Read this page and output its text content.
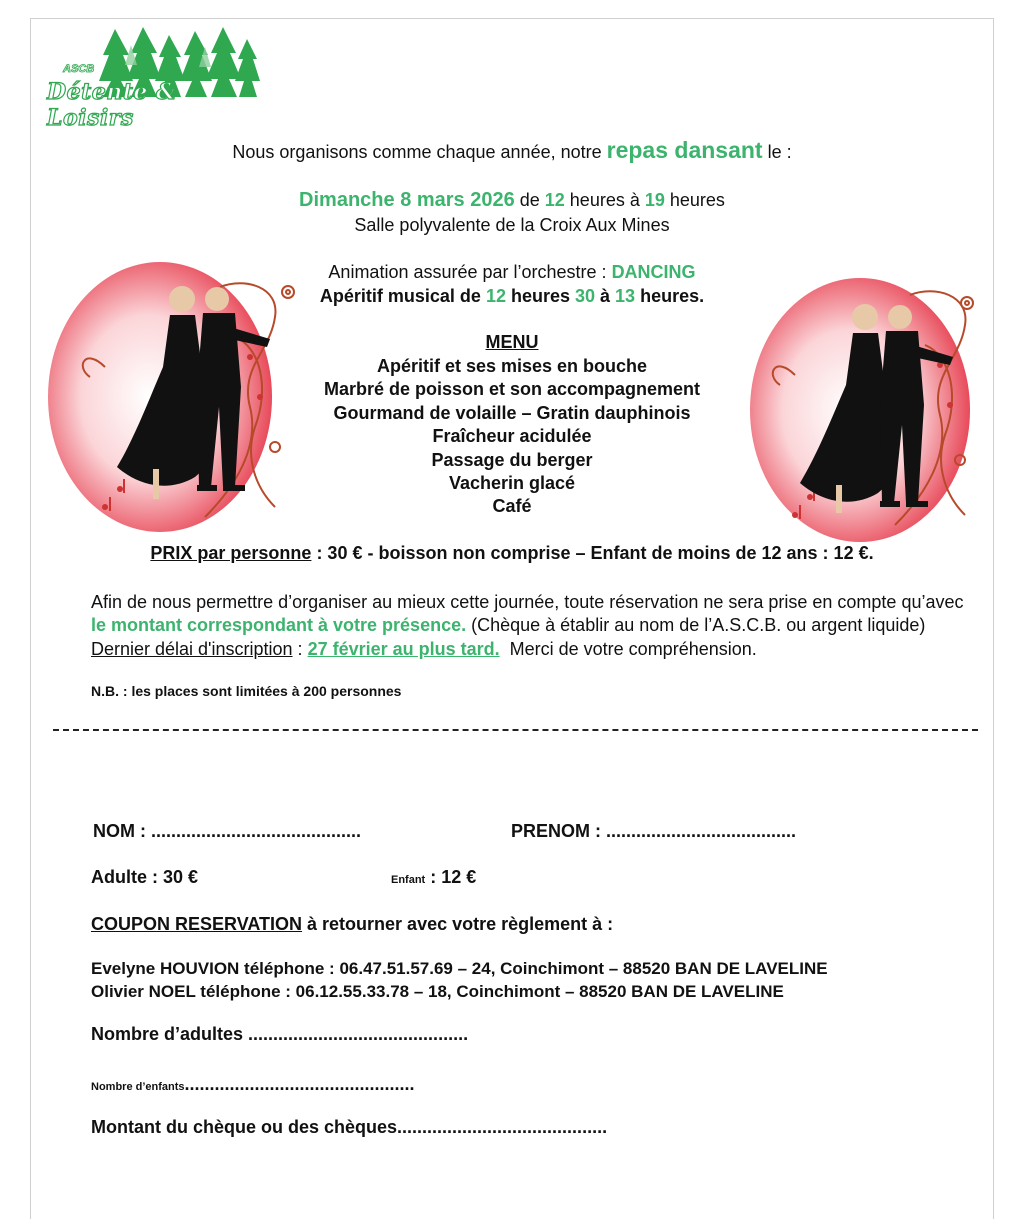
ASCB
Détente & Loisirs
Nous organisons comme chaque année, notre repas dansant le :
Dimanche 8 mars 2026 de 12 heures à 19 heures
Salle polyvalente de la Croix Aux Mines
Animation assurée par l’orchestre : DANCING
Apéritif musical de 12 heures 30 à 13 heures.
MENU
Apéritif et ses mises en bouche
Marbré de poisson et son accompagnement
Gourmand de volaille – Gratin dauphinois
Fraîcheur acidulée
Passage du berger
Vacherin glacé
Café
PRIX par personne : 30 € - boisson non comprise – Enfant de moins de 12 ans : 12 €.
Afin de nous permettre d’organiser au mieux cette journée, toute réservation ne sera prise en compte qu’avec le montant correspondant à votre présence. (Chèque à établir au nom de l’A.S.C.B. ou argent liquide)
Dernier délai d'inscription : 27 février au plus tard.  Merci de votre compréhension.
N.B. : les places sont limitées à 200 personnes
NOM : ..........................................	PRENOM : ......................................
Adulte : 30 €	Enfant : 12 €
COUPON RESERVATION à retourner avec votre règlement à :
Evelyne HOUVION téléphone : 06.47.51.57.69 – 24, Coinchimont – 88520 BAN DE LAVELINE
Olivier NOEL téléphone : 06.12.55.33.78 – 18, Coinchimont – 88520 BAN DE LAVELINE
Nombre d’adultes ............................................
Nombre d’enfants..............................................
Montant du chèque ou des chèques..........................................
